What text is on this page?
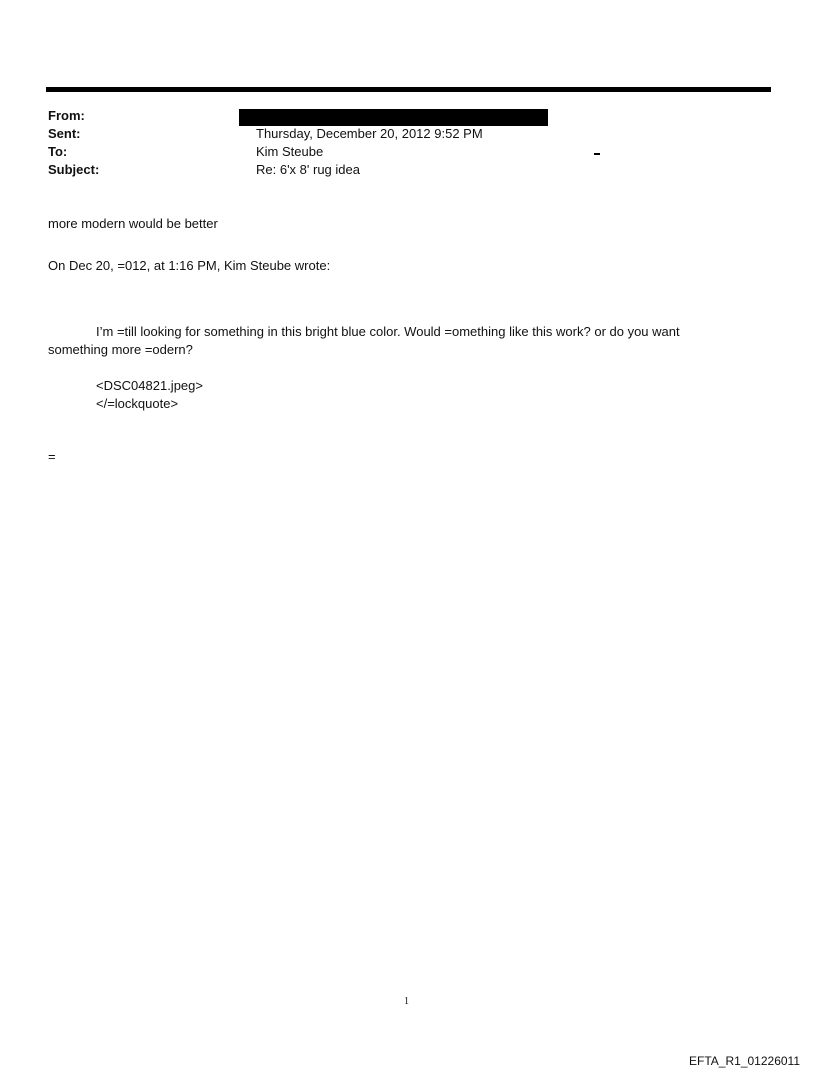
From:
Sent:	Thursday, December 20, 2012 9:52 PM
To:	Kim Steube
Subject:	Re: 6'x 8' rug idea
more modern would be better
On Dec 20, =012, at 1:16 PM, Kim Steube wrote:
I’m =till looking for something in this bright blue color. Would =omething like this work? or do you want
something more =odern?
<DSC04821.jpeg>
</=lockquote>
=
1
EFTA_R1_01226011
